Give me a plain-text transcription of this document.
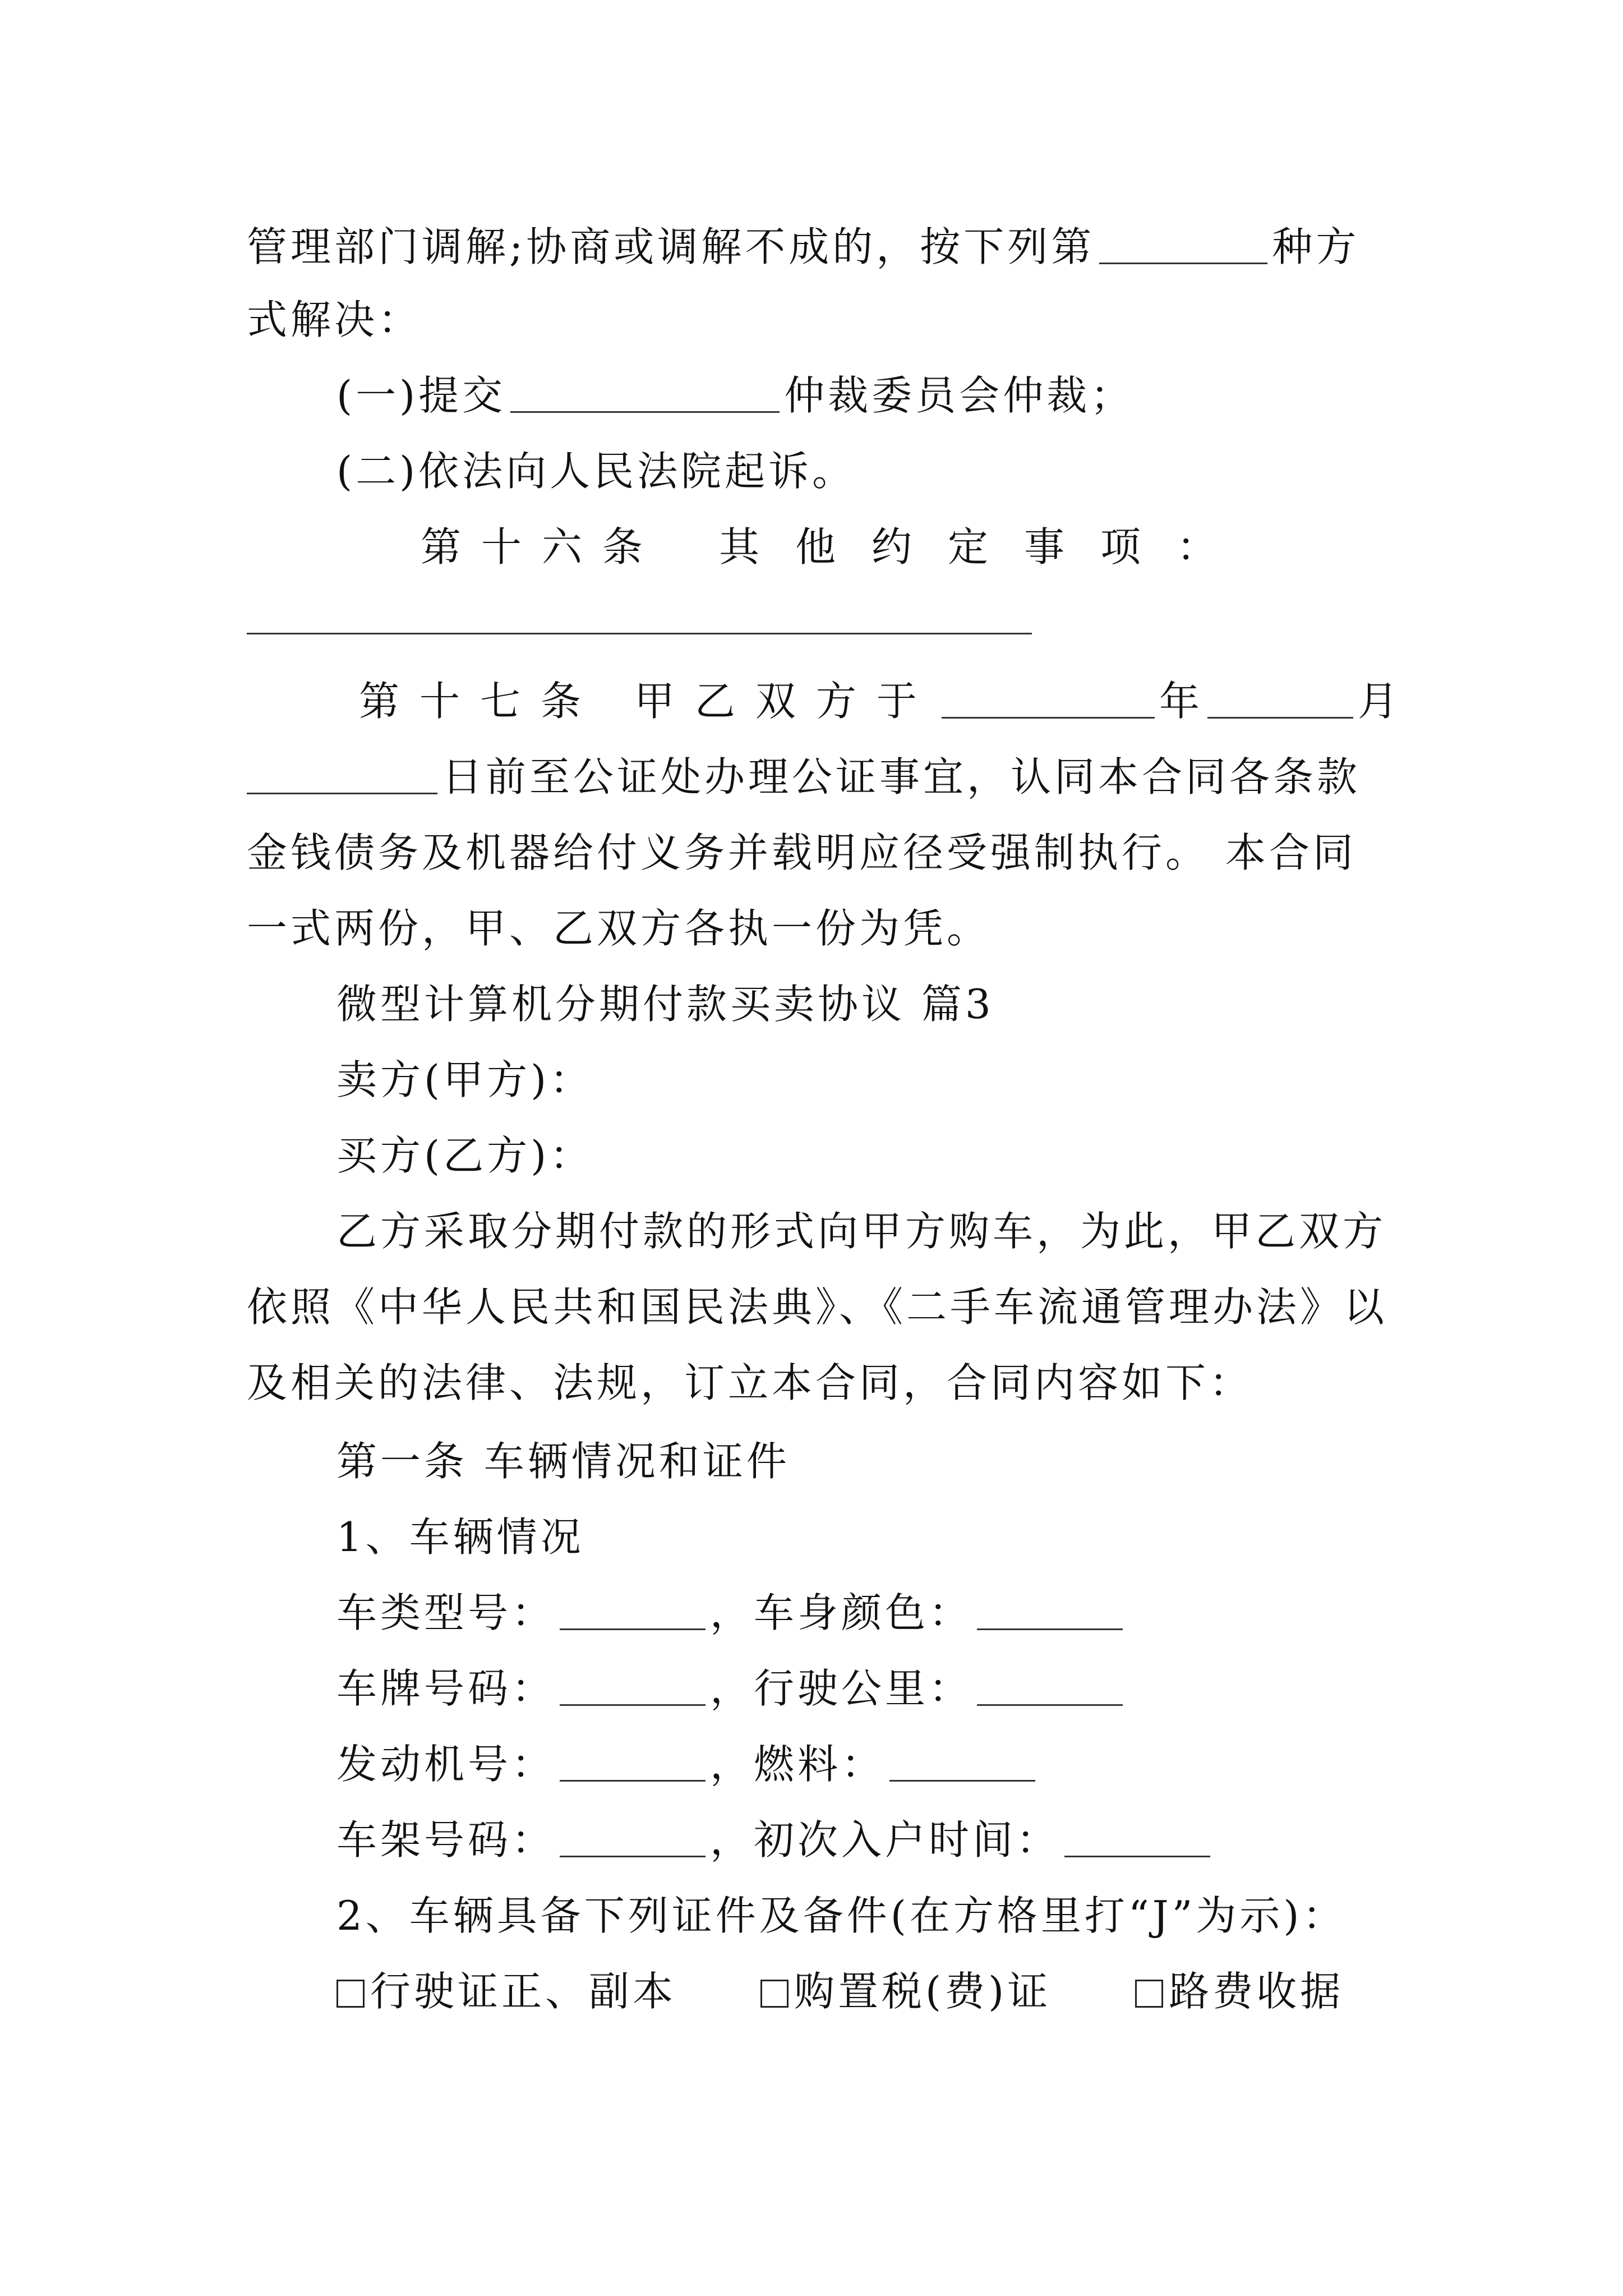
管理部门调解;协商或调解不成的，按下列第	种方
式解决：
(一)提交	仲裁委员会仲裁；
(二)依法向人民法院起诉。
第十六条 其他约定事项：
第十七条 甲乙双方于	年	月
日前至公证处办理公证事宜，认同本合同各条款
金钱债务及机器给付义务并载明应径受强制执行。 本合同
一式两份，甲、乙双方各执一份为凭。
微型计算机分期付款买卖协议 篇3
卖方(甲方)：
买方(乙方)：
乙方采取分期付款的形式向甲方购车，为此，甲乙双方
依照《中华人民共和国民法典》、《二手车流通管理办法》以
及相关的法律、法规，订立本合同，合同内容如下：
第一条 车辆情况和证件
1、车辆情况
车类型号：	，车身颜色：
车牌号码：	，行驶公里：
发动机号：	，燃料：
车架号码：	，初次入户时间：
2、车辆具备下列证件及备件(在方格里打“J”为示)：
行驶证正、副本	购置税(费)证	路费收据
